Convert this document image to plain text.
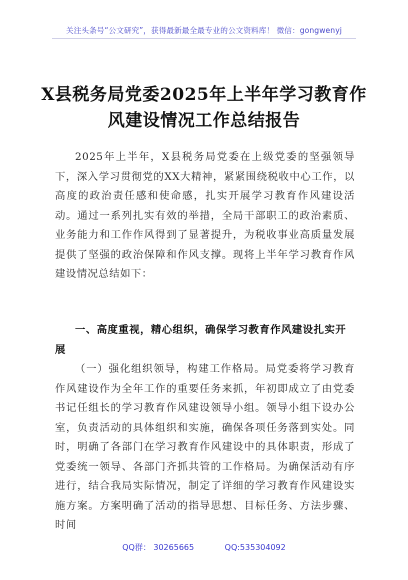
关注头条号“公文研究”，获得最新最全最专业的公文资料库！ 微信：gongwenyj
X县税务局党委2025年上半年学习教育作风建设情况工作总结报告
2025年上半年，X县税务局党委在上级党委的坚强领导下，深入学习贯彻党的XX大精神，紧紧围绕税收中心工作，以高度的政治责任感和使命感，扎实开展学习教育作风建设活动。通过一系列扎实有效的举措，全局干部职工的政治素质、业务能力和工作作风得到了显著提升，为税收事业高质量发展提供了坚强的政治保障和作风支撑。现将上半年学习教育作风建设情况总结如下：
一、高度重视，精心组织，确保学习教育作风建设扎实开展
（一）强化组织领导，构建工作格局。局党委将学习教育作风建设作为全年工作的重要任务来抓，年初即成立了由党委书记任组长的学习教育作风建设领导小组。领导小组下设办公室，负责活动的具体组织和实施，确保各项任务落到实处。同时，明确了各部门在学习教育作风建设中的具体职责，形成了党委统一领导、各部门齐抓共管的工作格局。为确保活动有序进行，结合我局实际情况，制定了详细的学习教育作风建设实施方案。方案明确了活动的指导思想、目标任务、方法步骤、时间
QQ群： 30265665	QQ:535304092
